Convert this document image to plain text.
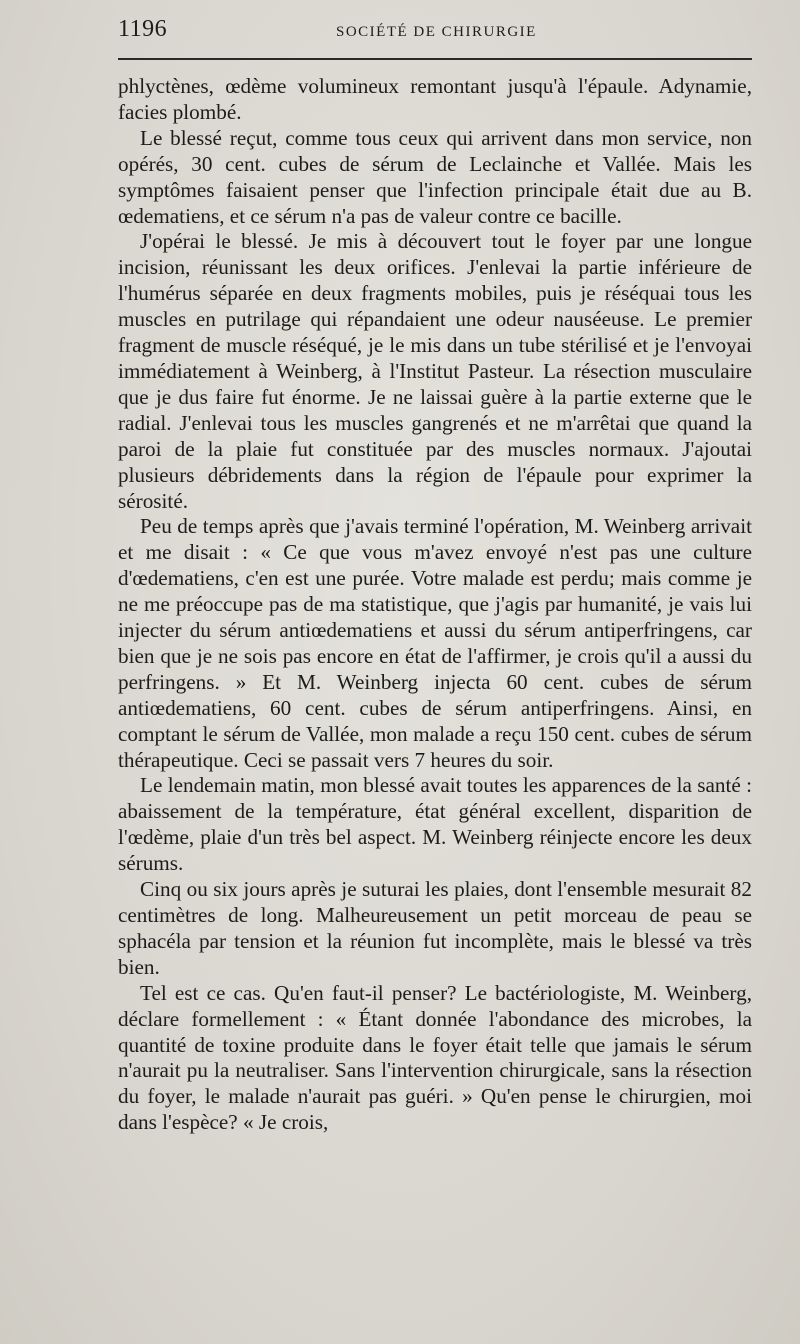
1196	SOCIÉTÉ DE CHIRURGIE

phlyctènes, œdème volumineux remontant jusqu'à l'épaule. Adynamie, facies plombé.

Le blessé reçut, comme tous ceux qui arrivent dans mon service, non opérés, 30 cent. cubes de sérum de Leclainche et Vallée. Mais les symptômes faisaient penser que l'infection principale était due au B. œdematiens, et ce sérum n'a pas de valeur contre ce bacille.

J'opérai le blessé. Je mis à découvert tout le foyer par une longue incision, réunissant les deux orifices. J'enlevai la partie inférieure de l'humérus séparée en deux fragments mobiles, puis je réséquai tous les muscles en putrilage qui répandaient une odeur nauséeuse. Le premier fragment de muscle réséqué, je le mis dans un tube stérilisé et je l'envoyai immédiatement à Weinberg, à l'Institut Pasteur. La résection musculaire que je dus faire fut énorme. Je ne laissai guère à la partie externe que le radial. J'enlevai tous les muscles gangrenés et ne m'arrêtai que quand la paroi de la plaie fut constituée par des muscles normaux. J'ajoutai plusieurs débridements dans la région de l'épaule pour exprimer la sérosité.

Peu de temps après que j'avais terminé l'opération, M. Weinberg arrivait et me disait : « Ce que vous m'avez envoyé n'est pas une culture d'œdematiens, c'en est une purée. Votre malade est perdu; mais comme je ne me préoccupe pas de ma statistique, que j'agis par humanité, je vais lui injecter du sérum antiœdematiens et aussi du sérum antiperfringens, car bien que je ne sois pas encore en état de l'affirmer, je crois qu'il a aussi du perfringens. » Et M. Weinberg injecta 60 cent. cubes de sérum antiœdematiens, 60 cent. cubes de sérum antiperfringens. Ainsi, en comptant le sérum de Vallée, mon malade a reçu 150 cent. cubes de sérum thérapeutique. Ceci se passait vers 7 heures du soir.

Le lendemain matin, mon blessé avait toutes les apparences de la santé : abaissement de la température, état général excellent, disparition de l'œdème, plaie d'un très bel aspect. M. Weinberg réinjecte encore les deux sérums.

Cinq ou six jours après je suturai les plaies, dont l'ensemble mesurait 82 centimètres de long. Malheureusement un petit morceau de peau se sphacéla par tension et la réunion fut incomplète, mais le blessé va très bien.

Tel est ce cas. Qu'en faut-il penser? Le bactériologiste, M. Weinberg, déclare formellement : « Étant donnée l'abondance des microbes, la quantité de toxine produite dans le foyer était telle que jamais le sérum n'aurait pu la neutraliser. Sans l'intervention chirurgicale, sans la résection du foyer, le malade n'aurait pas guéri. » Qu'en pense le chirurgien, moi dans l'espèce? « Je crois,
